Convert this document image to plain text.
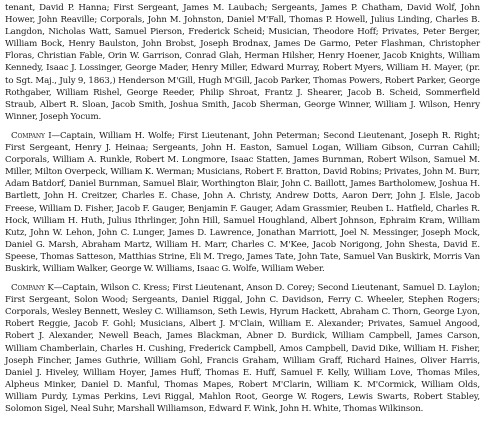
tenant, David P. Hanna; First Sergeant, James M. Laubach; Sergeants, James P. Chatham, David Wolf, John Hower, John Reaville; Corporals, John M. Johnston, Daniel M'Fall, Thomas P. Howell, Julius Linding, Charles B. Langdon, Nicholas Watt, Samuel Pierson, Frederick Scheid; Musician, Theodore Hoff; Privates, Peter Berger, William Bock, Henry Baulston, John Brobst, Joseph Brodnax, James De Garmo, Peter Flashman, Christopher Floras, Christian Fable, Orin W. Garrison, Conrad Glah, Herman Hilsher, Henry Hoener, Jacob Knights, William Kennedy, Isaac J. Lossinger, George Mader, Henry Miller, Edward Murray, Robert Myers, William H. Mayer, (pr. to Sgt. Maj., July 9, 1863,) Henderson M'Gill, Hugh M'Gill, Jacob Parker, Thomas Powers, Robert Parker, George Rothgaber, William Rishel, George Reeder, Philip Shroat, Frantz J. Shearer, Jacob B. Scheid, Sommerfield Straub, Albert R. Sloan, Jacob Smith, Joshua Smith, Jacob Sherman, George Winner, William J. Wilson, Henry Winner, Joseph Yocum.

Company I—Captain, William H. Wolfe; First Lieutenant, John Peterman; Second Lieutenant, Joseph R. Right; First Sergeant, Henry J. Heinaa; Sergeants, John H. Easton, Samuel Logan, William Gibson, Curran Cahill; Corporals, William A. Runkle, Robert M. Longmore, Isaac Statten, James Burnman, Robert Wilson, Samuel M. Miller, Milton Overpeck, William K. Werman; Musicians, Robert F. Bratton, David Robins; Privates, John M. Burr, Adam Batdorf, Daniel Burnman, Samuel Blair, Worthington Blair, John C. Baillott, James Bartholomew, Joshua H. Bartlett, John H. Creitzer, Charles E. Chase, John A. Christy, Andrew Dotts, Aaron Derr, John J. Elsle, Jacob Freese, William D. Fisher, Jacob F. Gauger, Benjamin F. Gauger, Adam Grassmier, Reuben L. Hatfield, Charles R. Hock, William H. Huth, Julius Ithrlinger, John Hill, Samuel Houghland, Albert Johnson, Ephraim Kram, William Kutz, John W. Lehon, John C. Lunger, James D. Lawrence, Jonathan Marriott, Joel N. Messinger, Joseph Mock, Daniel G. Marsh, Abraham Martz, William H. Marr, Charles C. M'Kee, Jacob Norigong, John Shesta, David E. Speese, Thomas Satteson, Matthias Strine, Eli M. Trego, James Tate, John Tate, Samuel Van Buskirk, Morris Van Buskirk, William Walker, George W. Williams, Isaac G. Wolfe, William Weber.

Company K—Captain, Wilson C. Kress; First Lieutenant, Anson D. Corey; Second Lieutenant, Samuel D. Laylon; First Sergeant, Solon Wood; Sergeants, Daniel Riggal, John C. Davidson, Ferry C. Wheeler, Stephen Rogers; Corporals, Wesley Bennett, Wesley C. Williamson, Seth Lewis, Hyrum Hackett, Abraham C. Thorn, George Lyon, Robert Reggie, Jacob F. Gohl; Musicians, Albert J. M'Clain, William E. Alexander; Privates, Samuel Angood, Robert J. Alexander, Newell Beach, James Blackman, Abner D. Burdick, William Campbell, James Carson, William Chamberlain, Charles H. Cushing, Frederick Campbell, Amos Campbell, David Dike, William H. Fisher, Joseph Fincher, James Guthrie, William Gohl, Francis Graham, William Graff, Richard Haines, Oliver Harris, Daniel J. Hiveley, William Hoyer, James Huff, Thomas E. Huff, Samuel F. Kelly, William Love, Thomas Miles, Alpheus Minker, Daniel D. Manful, Thomas Mapes, Robert M'Clarin, William K. M'Cormick, William Olds, William Purdy, Lymas Perkins, Levi Riggal, Mahlon Root, George W. Rogers, Lewis Swarts, Robert Stabley, Solomon Sigel, Neal Suhr, Marshall Williamson, Edward F. Wink, John H. White, Thomas Wilkinson.
